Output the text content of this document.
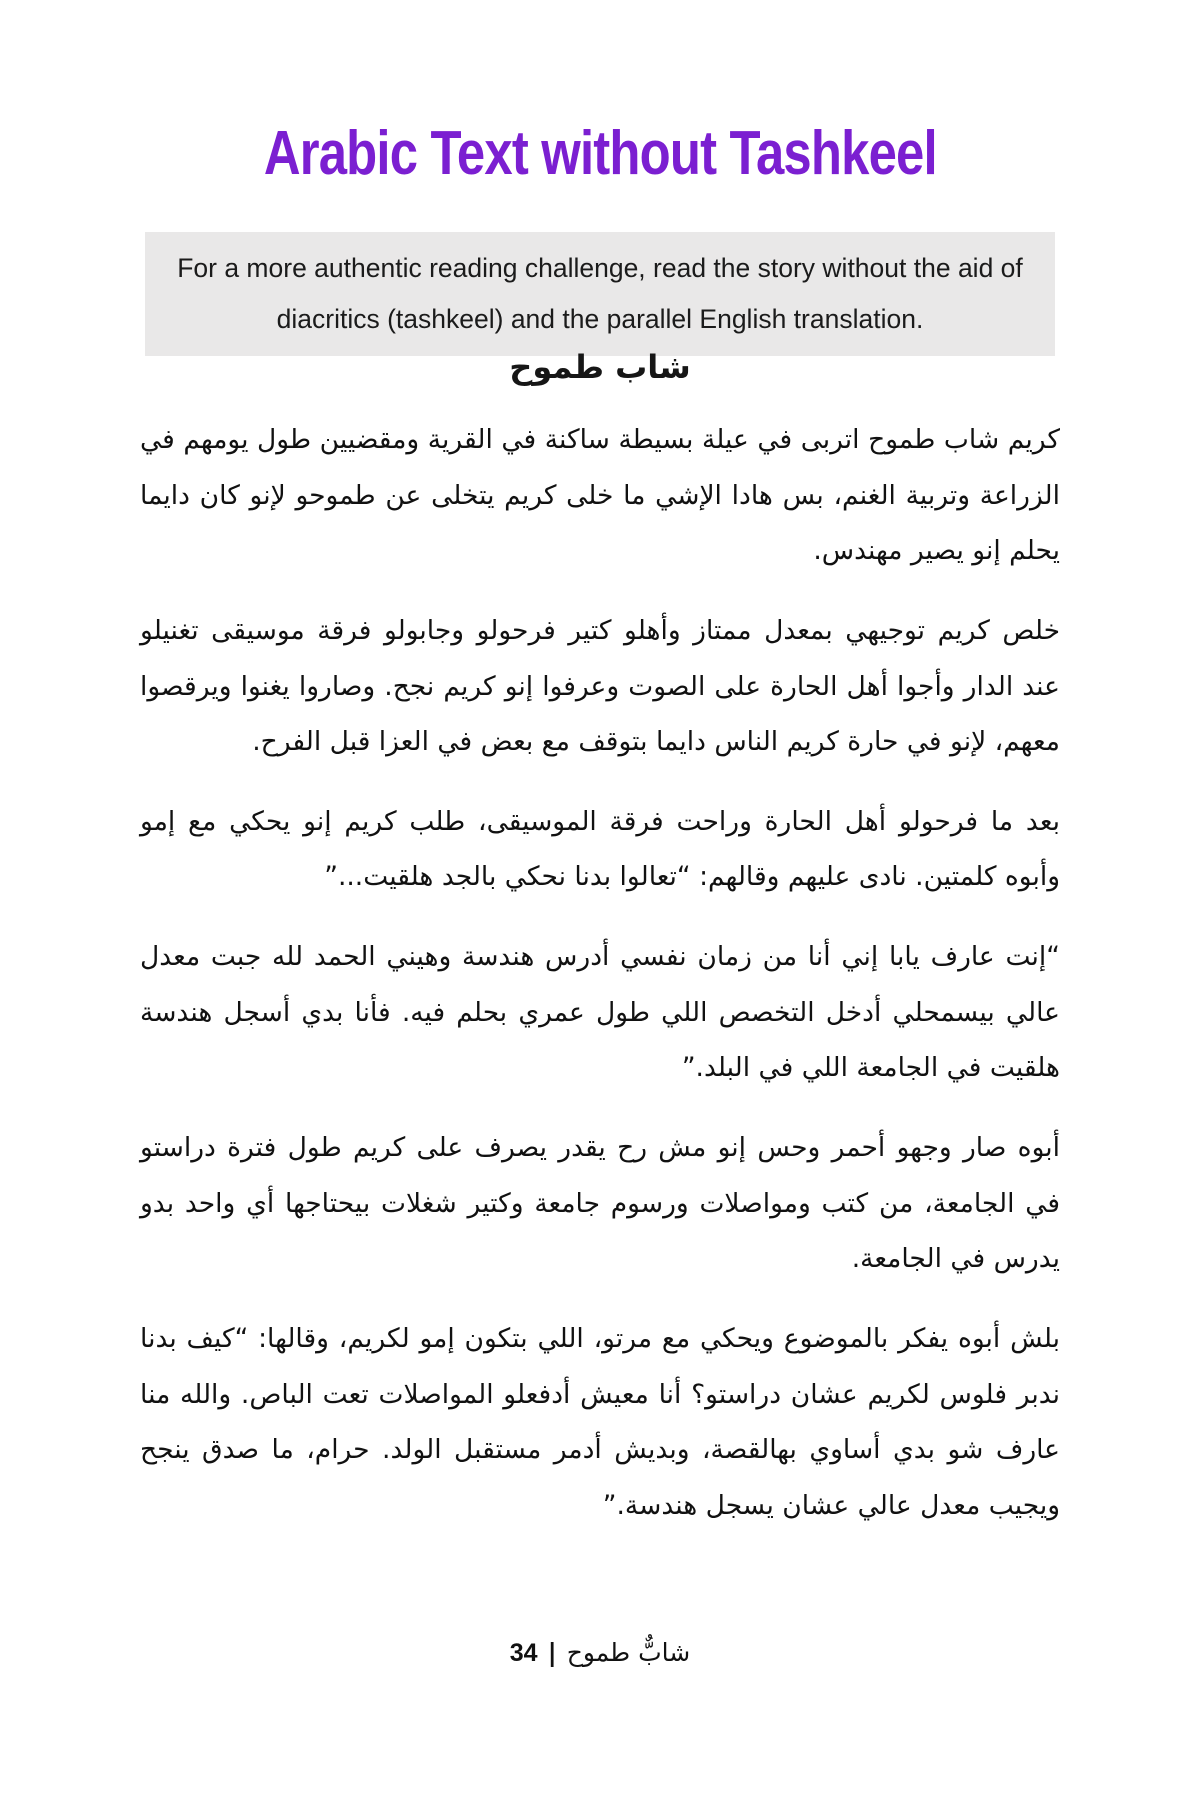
Arabic Text without Tashkeel
For a more authentic reading challenge, read the story without the aid of diacritics (tashkeel) and the parallel English translation.
شاب طموح

كريم شاب طموح اتربى في عيلة بسيطة ساكنة في القرية ومقضيين طول يومهم في الزراعة وتربية الغنم، بس هادا الإشي ما خلى كريم يتخلى عن طموحو لإنو كان دايما يحلم إنو يصير مهندس.

خلص كريم توجيهي بمعدل ممتاز وأهلو كتير فرحولو وجابولو فرقة موسيقى تغنيلو عند الدار وأجوا أهل الحارة على الصوت وعرفوا إنو كريم نجح. وصاروا يغنوا ويرقصوا معهم، لإنو في حارة كريم الناس دايما بتوقف مع بعض في العزا قبل الفرح.

بعد ما فرحولو أهل الحارة وراحت فرقة الموسيقى، طلب كريم إنو يحكي مع إمو وأبوه كلمتين. نادى عليهم وقالهم: “تعالوا بدنا نحكي بالجد هلقيت...”

“إنت عارف يابا إني أنا من زمان نفسي أدرس هندسة وهيني الحمد لله جبت معدل عالي بيسمحلي أدخل التخصص اللي طول عمري بحلم فيه. فأنا بدي أسجل هندسة هلقيت في الجامعة اللي في البلد.”

أبوه صار وجهو أحمر وحس إنو مش رح يقدر يصرف على كريم طول فترة دراستو في الجامعة، من كتب ومواصلات ورسوم جامعة وكتير شغلات بيحتاجها أي واحد بدو يدرس في الجامعة.

بلش أبوه يفكر بالموضوع ويحكي مع مرتو، اللي بتكون إمو لكريم، وقالها: “كيف بدنا ندبر فلوس لكريم عشان دراستو؟ أنا معيش أدفعلو المواصلات تعت الباص. والله منا عارف شو بدي أساوي بهالقصة، وبديش أدمر مستقبل الولد. حرام، ما صدق ينجح ويجيب معدل عالي عشان يسجل هندسة.”

شاب طموح|34
